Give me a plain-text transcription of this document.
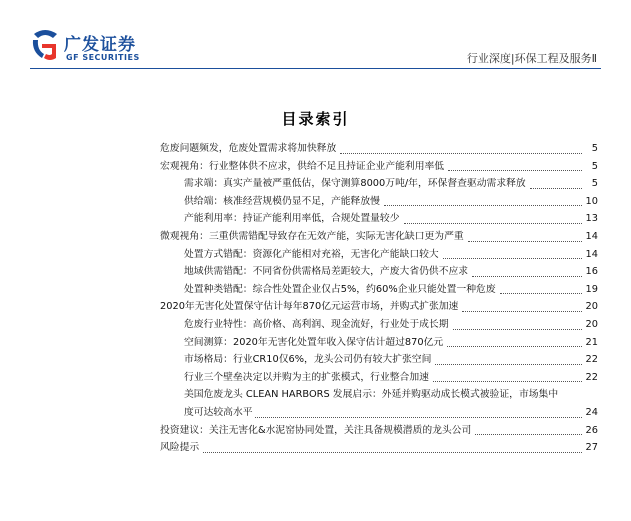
广发证券
GF SECURITIES	行业深度|环保工程及服务Ⅱ
目录索引
危废问题频发，危废处置需求将加快释放	5
宏观视角：行业整体供不应求，供给不足且持证企业产能利用率低	5
需求端：真实产量被严重低估，保守测算8000万吨/年，环保督查驱动需求释放	5
供给端：核准经营规模仍显不足，产能释放慢	10
产能利用率：持证产能利用率低，合规处置量较少	13
微观视角：三重供需错配导致存在无效产能，实际无害化缺口更为严重	14
处置方式错配：资源化产能相对充裕，无害化产能缺口较大	14
地域供需错配：不同省份供需格局差距较大，产废大省仍供不应求	16
处置种类错配：综合性处置企业仅占5%，约60%企业只能处置一种危废	19
2020年无害化处置保守估计每年870亿元运营市场，并购式扩张加速	20
危废行业特性：高价格、高利润、现金流好，行业处于成长期	20
空间测算：2020年无害化处置年收入保守估计超过870亿元	21
市场格局：行业CR10仅6%，龙头公司仍有较大扩张空间	22
行业三个壁垒决定以并购为主的扩张模式，行业整合加速	22
美国危废龙头 CLEAN HARBORS 发展启示：外延并购驱动成长模式被验证，市场集中
度可达较高水平	24
投资建议：关注无害化&水泥窑协同处置，关注具备规模潜质的龙头公司	26
风险提示	27
